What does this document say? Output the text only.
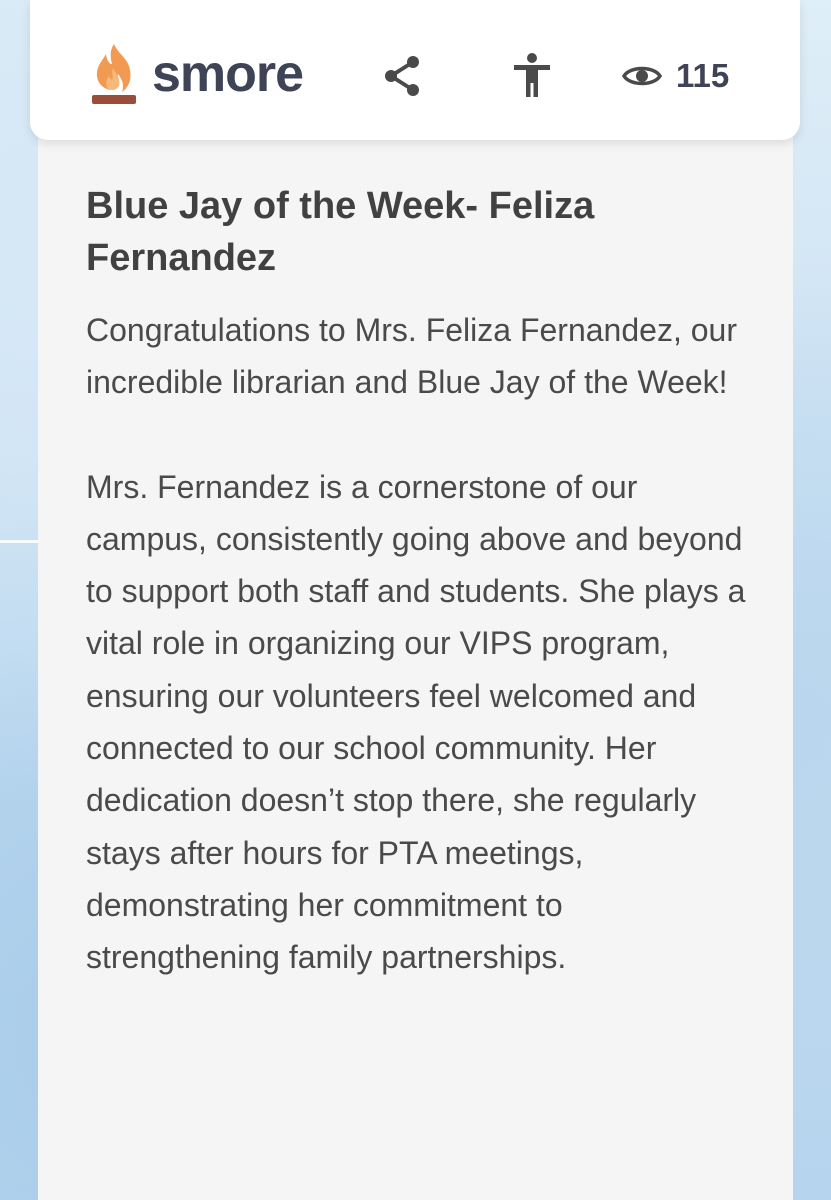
smore	115
Blue Jay of the Week- Feliza Fernandez

Congratulations to Mrs. Feliza Fernandez, our incredible librarian and Blue Jay of the Week!

Mrs. Fernandez is a cornerstone of our campus, consistently going above and beyond to support both staff and students. She plays a vital role in organizing our VIPS program, ensuring our volunteers feel welcomed and connected to our school community. Her dedication doesn’t stop there, she regularly stays after hours for PTA meetings, demonstrating her commitment to strengthening family partnerships.
